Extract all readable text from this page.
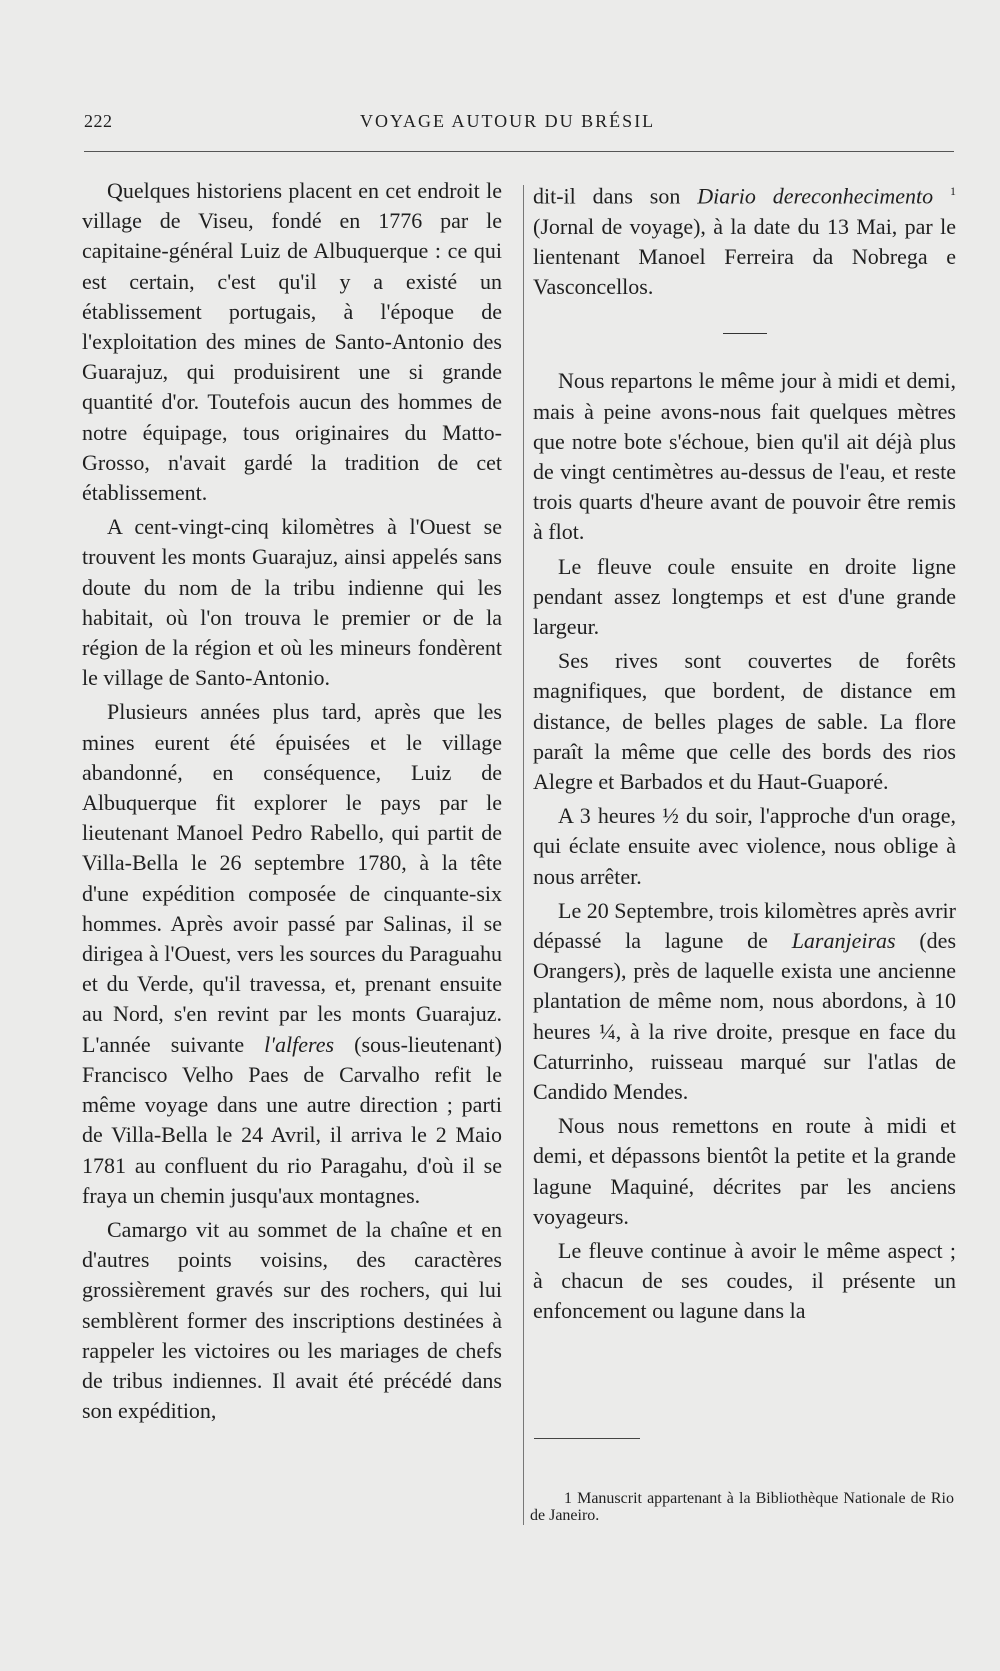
222	VOYAGE AUTOUR DU BRÉSIL

Quelques historiens placent en cet endroit le village de Viseu, fondé en 1776 par le capitaine-général Luiz de Albuquerque : ce qui est certain, c'est qu'il y a existé un établissement portugais, à l'époque de l'exploitation des mines de Santo-Antonio des Guarajuz, qui produisirent une si grande quantité d'or. Toutefois aucun des hommes de notre équipage, tous originaires du Matto-Grosso, n'avait gardé la tradition de cet établissement.

A cent-vingt-cinq kilomètres à l'Ouest se trouvent les monts Guarajuz, ainsi appelés sans doute du nom de la tribu indienne qui les habitait, où l'on trouva le premier or de la région de la région et où les mineurs fondèrent le village de Santo-Antonio.

Plusieurs années plus tard, après que les mines eurent été épuisées et le village abandonné, en conséquence, Luiz de Albuquerque fit explorer le pays par le lieutenant Manoel Pedro Rabello, qui partit de Villa-Bella le 26 septembre 1780, à la tête d'une expédition composée de cinquante-six hommes. Après avoir passé par Salinas, il se dirigea à l'Ouest, vers les sources du Paraguahu et du Verde, qu'il travessa, et, prenant ensuite au Nord, s'en revint par les monts Guarajuz. L'année suivante l'alferes (sous-lieutenant) Francisco Velho Paes de Carvalho refit le même voyage dans une autre direction ; parti de Villa-Bella le 24 Avril, il arriva le 2 Maio 1781 au confluent du rio Paragahu, d'où il se fraya un chemin jusqu'aux montagnes.

Camargo vit au sommet de la chaîne et en d'autres points voisins, des caractères grossièrement gravés sur des rochers, qui lui semblèrent former des inscriptions destinées à rappeler les victoires ou les mariages de chefs de tribus indiennes. Il avait été précédé dans son expédition,

dit-il dans son Diario dereconhecimento $^1$ (Jornal de voyage), à la date du 13 Mai, par le lientenant Manoel Ferreira da Nobrega e Vasconcellos.

Nous repartons le même jour à midi et demi, mais à peine avons-nous fait quelques mètres que notre bote s'échoue, bien qu'il ait déjà plus de vingt centimètres au-dessus de l'eau, et reste trois quarts d'heure avant de pouvoir être remis à flot.

Le fleuve coule ensuite en droite ligne pendant assez longtemps et est d'une grande largeur.

Ses rives sont couvertes de forêts magnifiques, que bordent, de distance em distance, de belles plages de sable. La flore paraît la même que celle des bords des rios Alegre et Barbados et du Haut-Guaporé.

A 3 heures ½ du soir, l'approche d'un orage, qui éclate ensuite avec violence, nous oblige à nous arrêter.

Le 20 Septembre, trois kilomètres après avrir dépassé la lagune de Laranjeiras (des Orangers), près de laquelle exista une ancienne plantation de même nom, nous abordons, à 10 heures ¼, à la rive droite, presque en face du Caturrinho, ruisseau marqué sur l'atlas de Candido Mendes.

Nous nous remettons en route à midi et demi, et dépassons bientôt la petite et la grande lagune Maquiné, décrites par les anciens voyageurs.

Le fleuve continue à avoir le même aspect ; à chacun de ses coudes, il présente un enfoncement ou lagune dans la

1 Manuscrit appartenant à la Bibliothèque Nationale de Rio de Janeiro.
